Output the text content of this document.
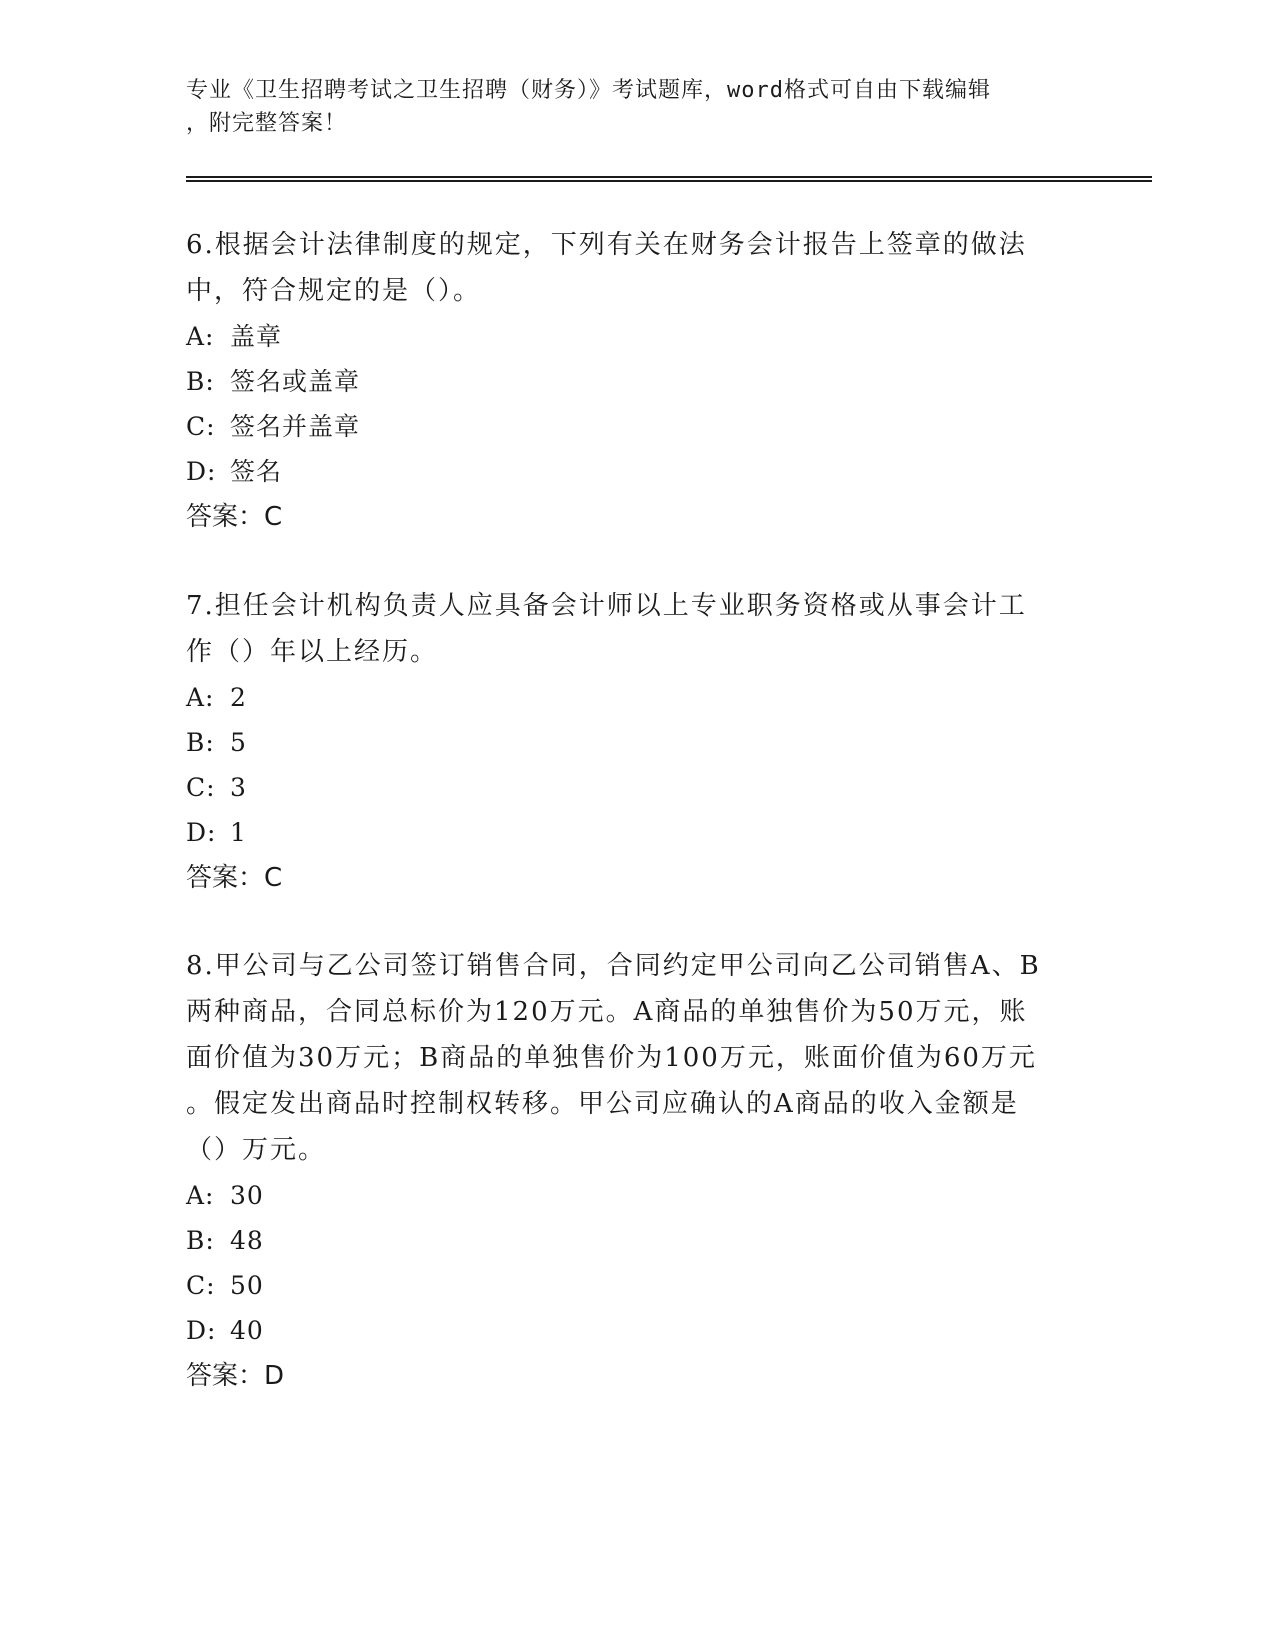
专业《卫生招聘考试之卫生招聘（财务）》考试题库，word格式可自由下载编辑
，附完整答案！

6.根据会计法律制度的规定，下列有关在财务会计报告上签章的做法

中，符合规定的是（）。

A: 盖章

B: 签名或盖章

C: 签名并盖章

D: 签名

答案：C

7.担任会计机构负责人应具备会计师以上专业职务资格或从事会计工

作（）年以上经历。

A: 2

B: 5

C: 3

D: 1

答案：C

8.甲公司与乙公司签订销售合同，合同约定甲公司向乙公司销售A、B

两种商品，合同总标价为120万元。A商品的单独售价为50万元，账

面价值为30万元；B商品的单独售价为100万元，账面价值为60万元

。假定发出商品时控制权转移。甲公司应确认的A商品的收入金额是

（）万元。

A: 30

B: 48

C: 50

D: 40

答案：D
